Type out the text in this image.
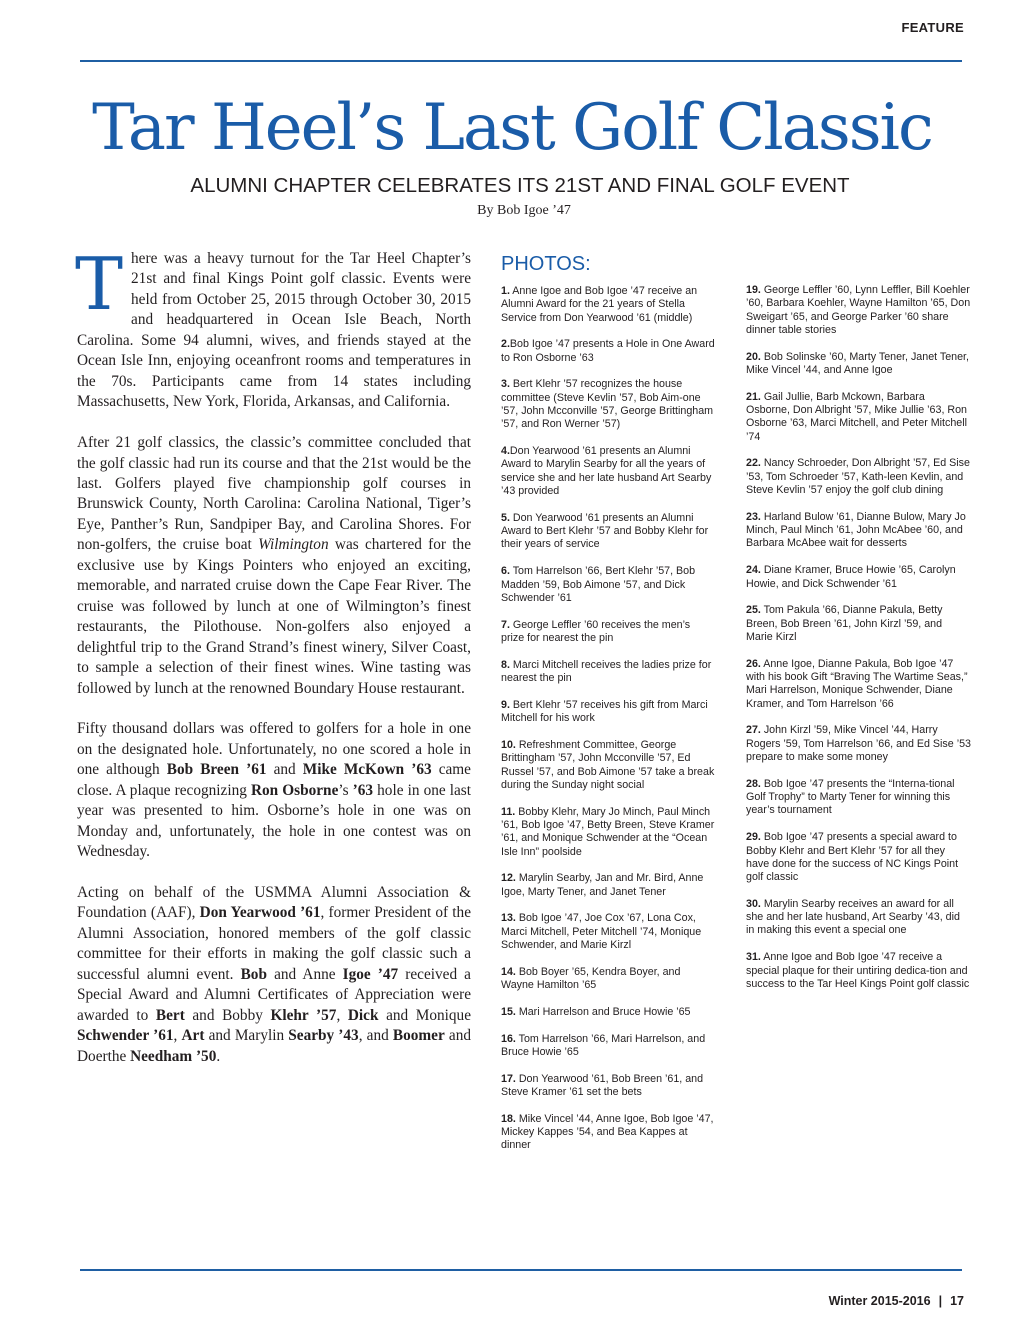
FEATURE
Tar Heel’s Last Golf Classic
ALUMNI CHAPTER CELEBRATES ITS 21ST AND FINAL GOLF EVENT
By Bob Igoe ’47

There was a heavy turnout for the Tar Heel Chapter’s 21st and final Kings Point golf classic. Events were held from October 25, 2015 through October 30, 2015 and headquartered in Ocean Isle Beach, North Carolina. Some 94 alumni, wives, and friends stayed at the Ocean Isle Inn, enjoying oceanfront rooms and temperatures in the 70s. Participants came from 14 states including Massachusetts, New York, Florida, Arkansas, and California.

After 21 golf classics, the classic’s committee concluded that the golf classic had run its course and that the 21st would be the last. Golfers played five championship golf courses in Brunswick County, North Carolina: Carolina National, Tiger’s Eye, Panther’s Run, Sandpiper Bay, and Carolina Shores. For non-golfers, the cruise boat Wilmington was chartered for the exclusive use by Kings Pointers who enjoyed an exciting, memorable, and narrated cruise down the Cape Fear River. The cruise was followed by lunch at one of Wilmington’s finest restaurants, the Pilothouse. Non-golfers also enjoyed a delightful trip to the Grand Strand’s finest winery, Silver Coast, to sample a selection of their finest wines. Wine tasting was followed by lunch at the renowned Boundary House restaurant.

Fifty thousand dollars was offered to golfers for a hole in one on the designated hole. Unfortunately, no one scored a hole in one although Bob Breen ’61 and Mike McKown ’63 came close. A plaque recognizing Ron Osborne’s ’63 hole in one last year was presented to him. Osborne’s hole in one was on Monday and, unfortunately, the hole in one contest was on Wednesday.

Acting on behalf of the USMMA Alumni Association & Foundation (AAF), Don Yearwood ’61, former President of the Alumni Association, honored members of the golf classic committee for their efforts in making the golf classic such a successful alumni event. Bob and Anne Igoe ’47 received a Special Award and Alumni Certificates of Appreciation were awarded to Bert and Bobby Klehr ’57, Dick and Monique Schwender ’61, Art and Marylin Searby ’43, and Boomer and Doerthe Needham ’50.

PHOTOS:

1. Anne Igoe and Bob Igoe ’47 receive an Alumni Award for the 21 years of Stella Service from Don Yearwood ’61 (middle)

2.Bob Igoe ’47 presents a Hole in One Award to Ron Osborne ’63

3. Bert Klehr ’57 recognizes the house committee (Steve Kevlin ’57, Bob Aim-one ’57, John Mcconville ’57, George Brittingham ’57, and Ron Werner ’57)

4.Don Yearwood ’61 presents an Alumni Award to Marylin Searby for all the years of service she and her late husband Art Searby ’43 provided

5. Don Yearwood ’61 presents an Alumni Award to Bert Klehr ’57 and Bobby Klehr for their years of service

6. Tom Harrelson ’66, Bert Klehr ’57, Bob Madden ’59, Bob Aimone ’57, and Dick Schwender ’61

7. George Leffler ’60 receives the men’s prize for nearest the pin

8. Marci Mitchell receives the ladies prize for nearest the pin

9. Bert Klehr ’57 receives his gift from Marci Mitchell for his work

10. Refreshment Committee, George Brittingham ’57, John Mcconville ’57, Ed Russel ’57, and Bob Aimone ’57 take a break during the Sunday night social

11. Bobby Klehr, Mary Jo Minch, Paul Minch ’61, Bob Igoe ’47, Betty Breen, Steve Kramer ’61, and Monique Schwender at the “Ocean Isle Inn” poolside

12. Marylin Searby, Jan and Mr. Bird, Anne Igoe, Marty Tener, and Janet Tener

13. Bob Igoe ’47, Joe Cox ’67, Lona Cox, Marci Mitchell, Peter Mitchell ’74, Monique Schwender, and Marie Kirzl

14. Bob Boyer ’65, Kendra Boyer, and Wayne Hamilton ’65

15. Mari Harrelson and Bruce Howie ’65

16. Tom Harrelson ’66, Mari Harrelson, and Bruce Howie ’65

17. Don Yearwood ’61, Bob Breen ’61, and Steve Kramer ’61 set the bets

18. Mike Vincel ’44, Anne Igoe, Bob Igoe ’47, Mickey Kappes ’54, and Bea Kappes at dinner

19. George Leffler ’60, Lynn Leffler, Bill Koehler ’60, Barbara Koehler, Wayne Hamilton ’65, Don Sweigart ’65, and George Parker ’60 share dinner table stories

20. Bob Solinske ’60, Marty Tener, Janet Tener, Mike Vincel ’44, and Anne Igoe

21. Gail Jullie, Barb Mckown, Barbara Osborne, Don Albright ’57, Mike Jullie ’63, Ron Osborne ’63, Marci Mitchell, and Peter Mitchell ’74

22. Nancy Schroeder, Don Albright ’57, Ed Sise ’53, Tom Schroeder ’57, Kath-leen Kevlin, and Steve Kevlin ’57 enjoy the golf club dining

23. Harland Bulow ’61, Dianne Bulow, Mary Jo Minch, Paul Minch ’61, John McAbee ’60, and Barbara McAbee wait for desserts

24. Diane Kramer, Bruce Howie ’65, Carolyn Howie, and Dick Schwender ’61

25. Tom Pakula ’66, Dianne Pakula, Betty Breen, Bob Breen ’61, John Kirzl ’59, and Marie Kirzl

26. Anne Igoe, Dianne Pakula, Bob Igoe ’47 with his book Gift “Braving The Wartime Seas,” Mari Harrelson, Monique Schwender, Diane Kramer, and Tom Harrelson ’66

27. John Kirzl ’59, Mike Vincel ’44, Harry Rogers ’59, Tom Harrelson ’66, and Ed Sise ’53 prepare to make some money

28. Bob Igoe ’47 presents the “Interna-tional Golf Trophy” to Marty Tener for winning this year’s tournament

29. Bob Igoe ’47 presents a special award to Bobby Klehr and Bert Klehr ’57 for all they have done for the success of NC Kings Point golf classic

30. Marylin Searby receives an award for all she and her late husband, Art Searby ’43, did in making this event a special one

31. Anne Igoe and Bob Igoe ’47 receive a special plaque for their untiring dedica-tion and success to the Tar Heel Kings Point golf classic

Winter 2015-2016 | 17
